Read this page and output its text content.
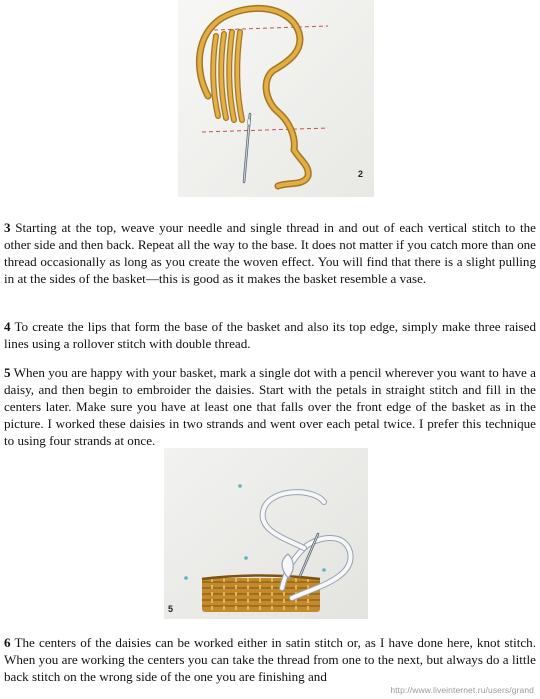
2

3 Starting at the top, weave your needle and single thread in and out of each vertical stitch to the other side and then back. Repeat all the way to the base. It does not matter if you catch more than one thread occasionally as long as you create the woven effect. You will find that there is a slight pulling in at the sides of the basket—this is good as it makes the basket resemble a vase.

4 To create the lips that form the base of the basket and also its top edge, simply make three raised lines using a rollover stitch with double thread.

5 When you are happy with your basket, mark a single dot with a pencil wherever you want to have a daisy, and then begin to embroider the daisies. Start with the petals in straight stitch and fill in the centers later. Make sure you have at least one that falls over the front edge of the basket as in the picture. I worked these daisies in two strands and went over each petal twice. I prefer this technique to using four strands at once.

5

6 The centers of the daisies can be worked either in satin stitch or, as I have done here, knot stitch. When you are working the centers you can take the thread from one to the next, but always do a little back stitch on the wrong side of the one you are finishing and

http://www.liveinternet.ru/users/grand
